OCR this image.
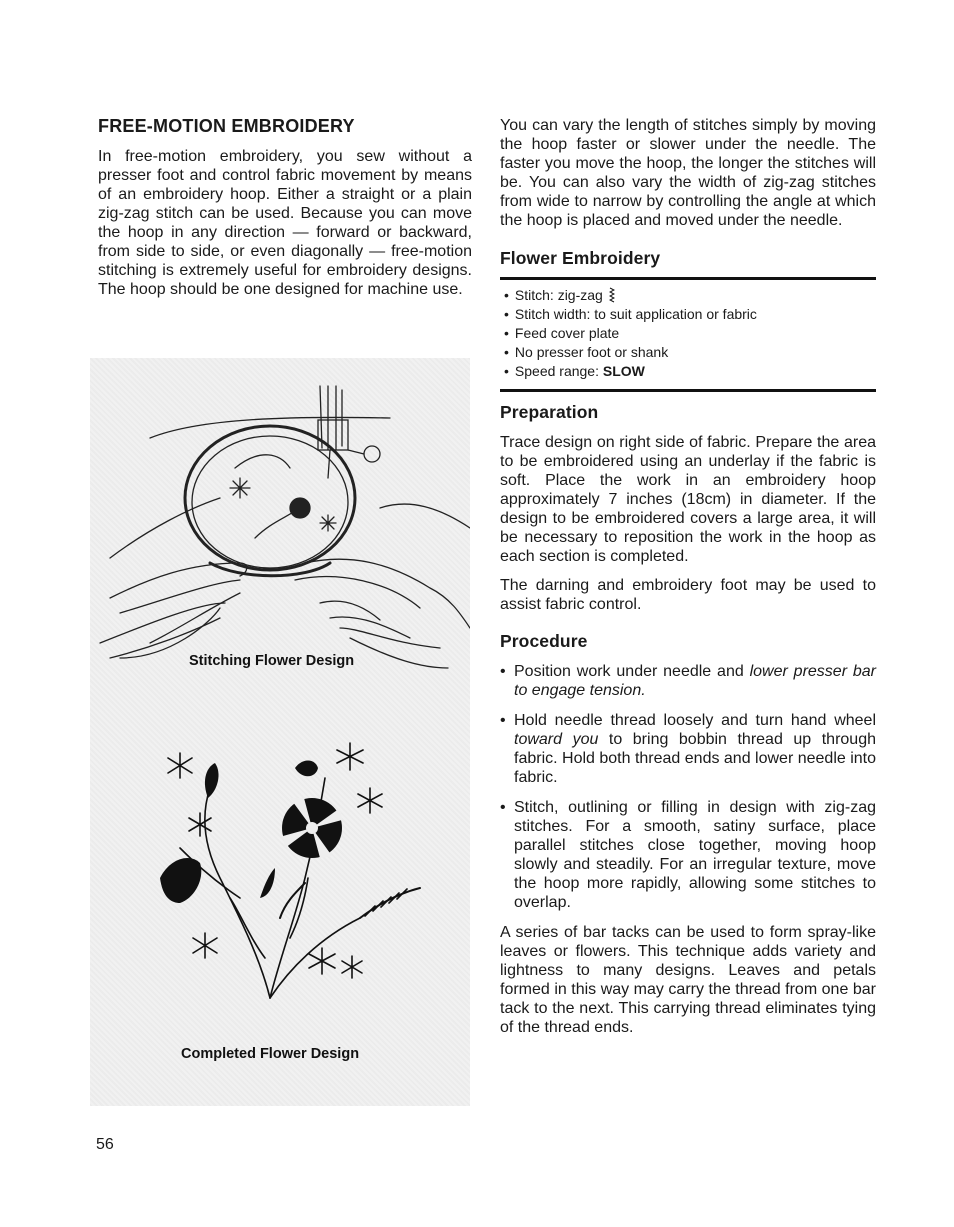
FREE-MOTION EMBROIDERY

In free-motion embroidery, you sew without a presser foot and control fabric movement by means of an embroidery hoop. Either a straight or a plain zig-zag stitch can be used. Because you can move the hoop in any direction — forward or backward, from side to side, or even diagonally — free-motion stitching is extremely useful for embroidery designs. The hoop should be one designed for machine use.

Stitching Flower Design
Completed Flower Design

You can vary the length of stitches simply by moving the hoop faster or slower under the needle. The faster you move the hoop, the longer the stitches will be. You can also vary the width of zig-zag stitches from wide to narrow by controlling the angle at which the hoop is placed and moved under the needle.

Flower Embroidery
• Stitch: zig-zag
• Stitch width: to suit application or fabric
• Feed cover plate
• No presser foot or shank
• Speed range: SLOW
Preparation

Trace design on right side of fabric. Prepare the area to be embroidered using an underlay if the fabric is soft. Place the work in an embroidery hoop approximately 7 inches (18cm) in diameter. If the design to be embroidered covers a large area, it will be necessary to reposition the work in the hoop as each section is completed.

The darning and embroidery foot may be used to assist fabric control.

Procedure
• Position work under needle and lower presser bar to engage tension.
• Hold needle thread loosely and turn hand wheel toward you to bring bobbin thread up through fabric. Hold both thread ends and lower needle into fabric.
• Stitch, outlining or filling in design with zig-zag stitches. For a smooth, satiny surface, place parallel stitches close together, moving hoop slowly and steadily. For an irregular texture, move the hoop more rapidly, allowing some stitches to overlap.

A series of bar tacks can be used to form spray-like leaves or flowers. This technique adds variety and lightness to many designs. Leaves and petals formed in this way may carry the thread from one bar tack to the next. This carrying thread eliminates tying of the thread ends.

56
